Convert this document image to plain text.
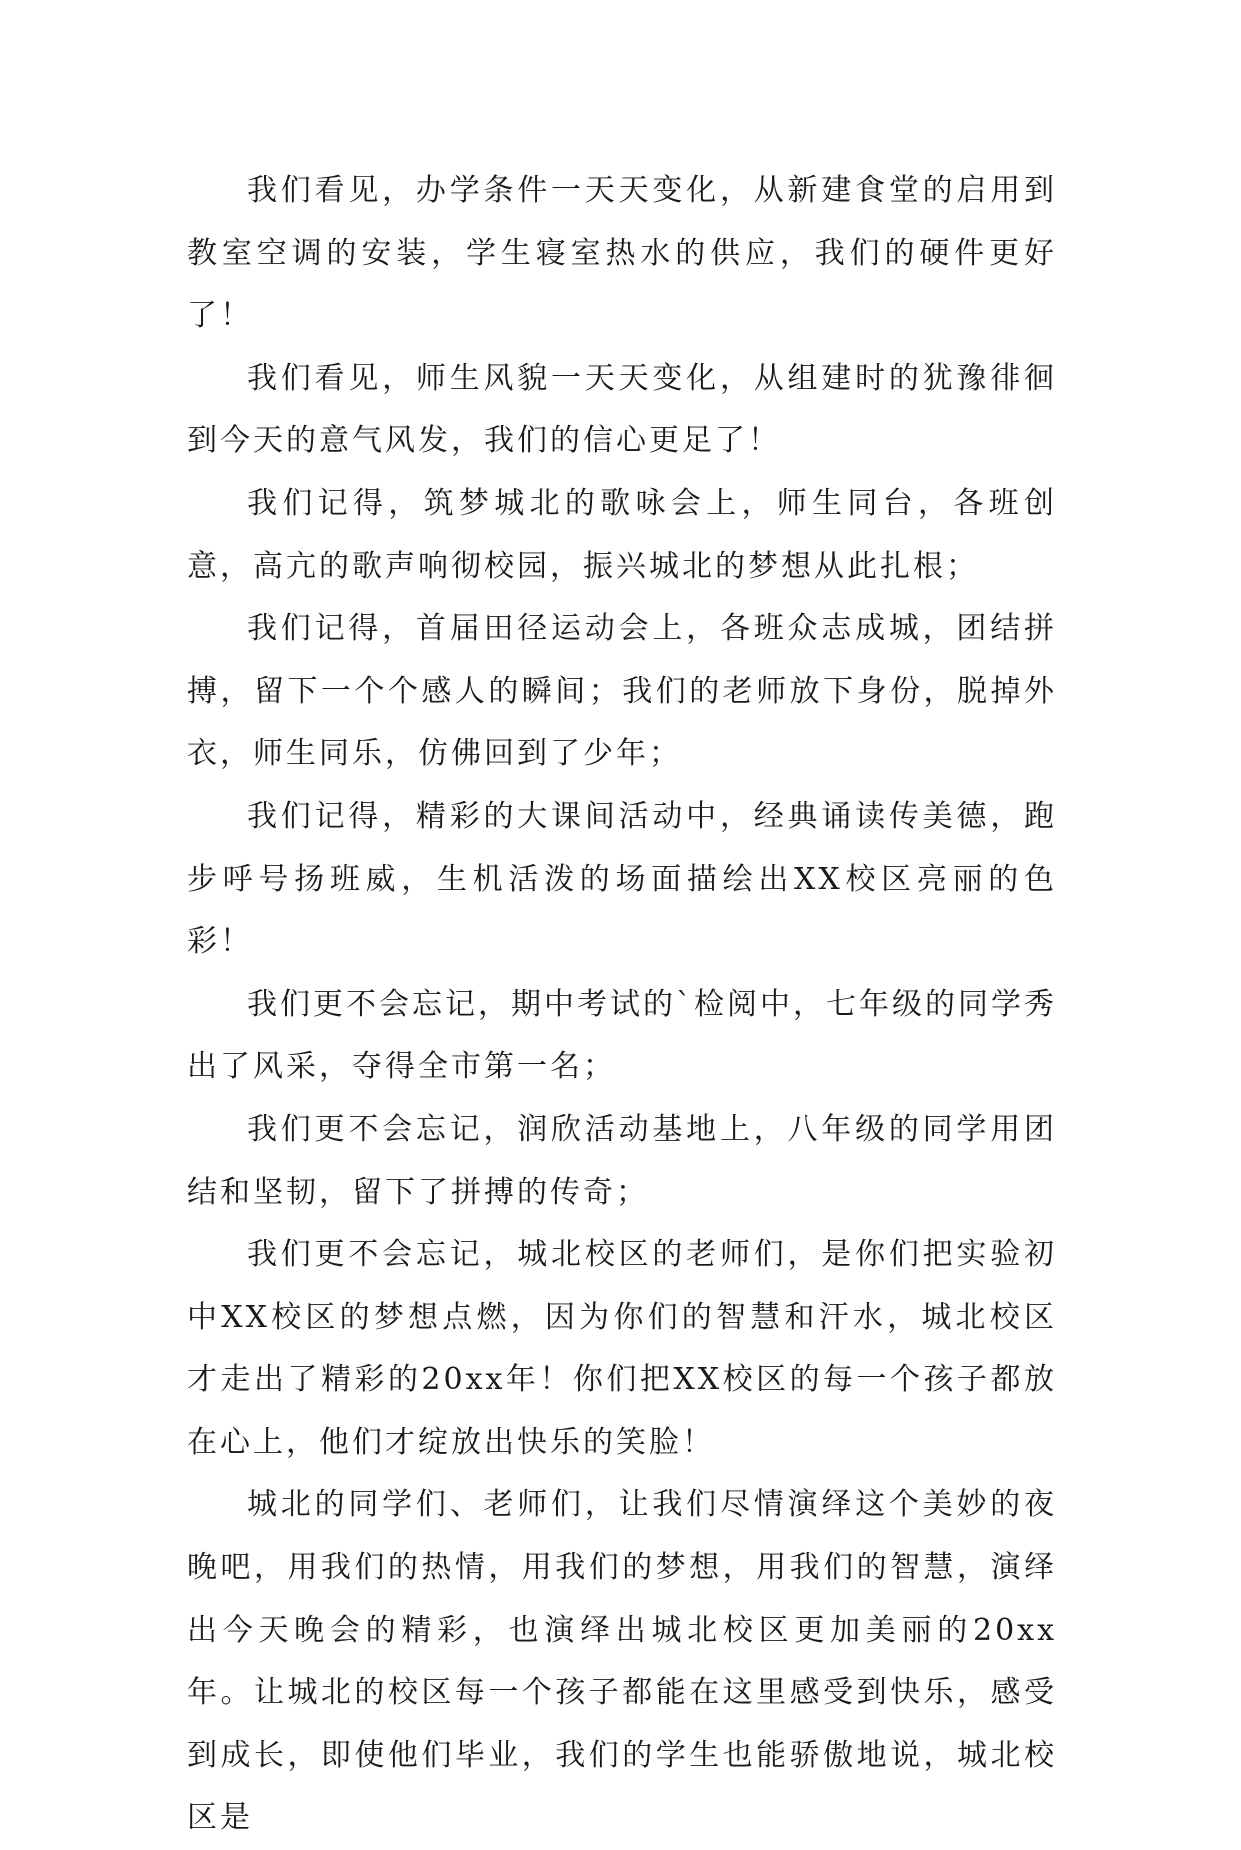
我们看见，办学条件一天天变化，从新建食堂的启用到教室空调的安装，学生寝室热水的供应，我们的硬件更好了！

我们看见，师生风貌一天天变化，从组建时的犹豫徘徊到今天的意气风发，我们的信心更足了！

我们记得，筑梦城北的歌咏会上，师生同台，各班创意，高亢的歌声响彻校园，振兴城北的梦想从此扎根；

我们记得，首届田径运动会上，各班众志成城，团结拼搏，留下一个个感人的瞬间；我们的老师放下身份，脱掉外衣，师生同乐，仿佛回到了少年；

我们记得，精彩的大课间活动中，经典诵读传美德，跑步呼号扬班威，生机活泼的场面描绘出XX校区亮丽的色彩！

我们更不会忘记，期中考试的`检阅中，七年级的同学秀出了风采，夺得全市第一名；

我们更不会忘记，润欣活动基地上，八年级的同学用团结和坚韧，留下了拼搏的传奇；

我们更不会忘记，城北校区的老师们，是你们把实验初中XX校区的梦想点燃，因为你们的智慧和汗水，城北校区才走出了精彩的20xx年！你们把XX校区的每一个孩子都放在心上，他们才绽放出快乐的笑脸！

城北的同学们、老师们，让我们尽情演绎这个美妙的夜晚吧，用我们的热情，用我们的梦想，用我们的智慧，演绎出今天晚会的精彩，也演绎出城北校区更加美丽的20xx年。让城北的校区每一个孩子都能在这里感受到快乐，感受到成长，即使他们毕业，我们的学生也能骄傲地说，城北校区是
